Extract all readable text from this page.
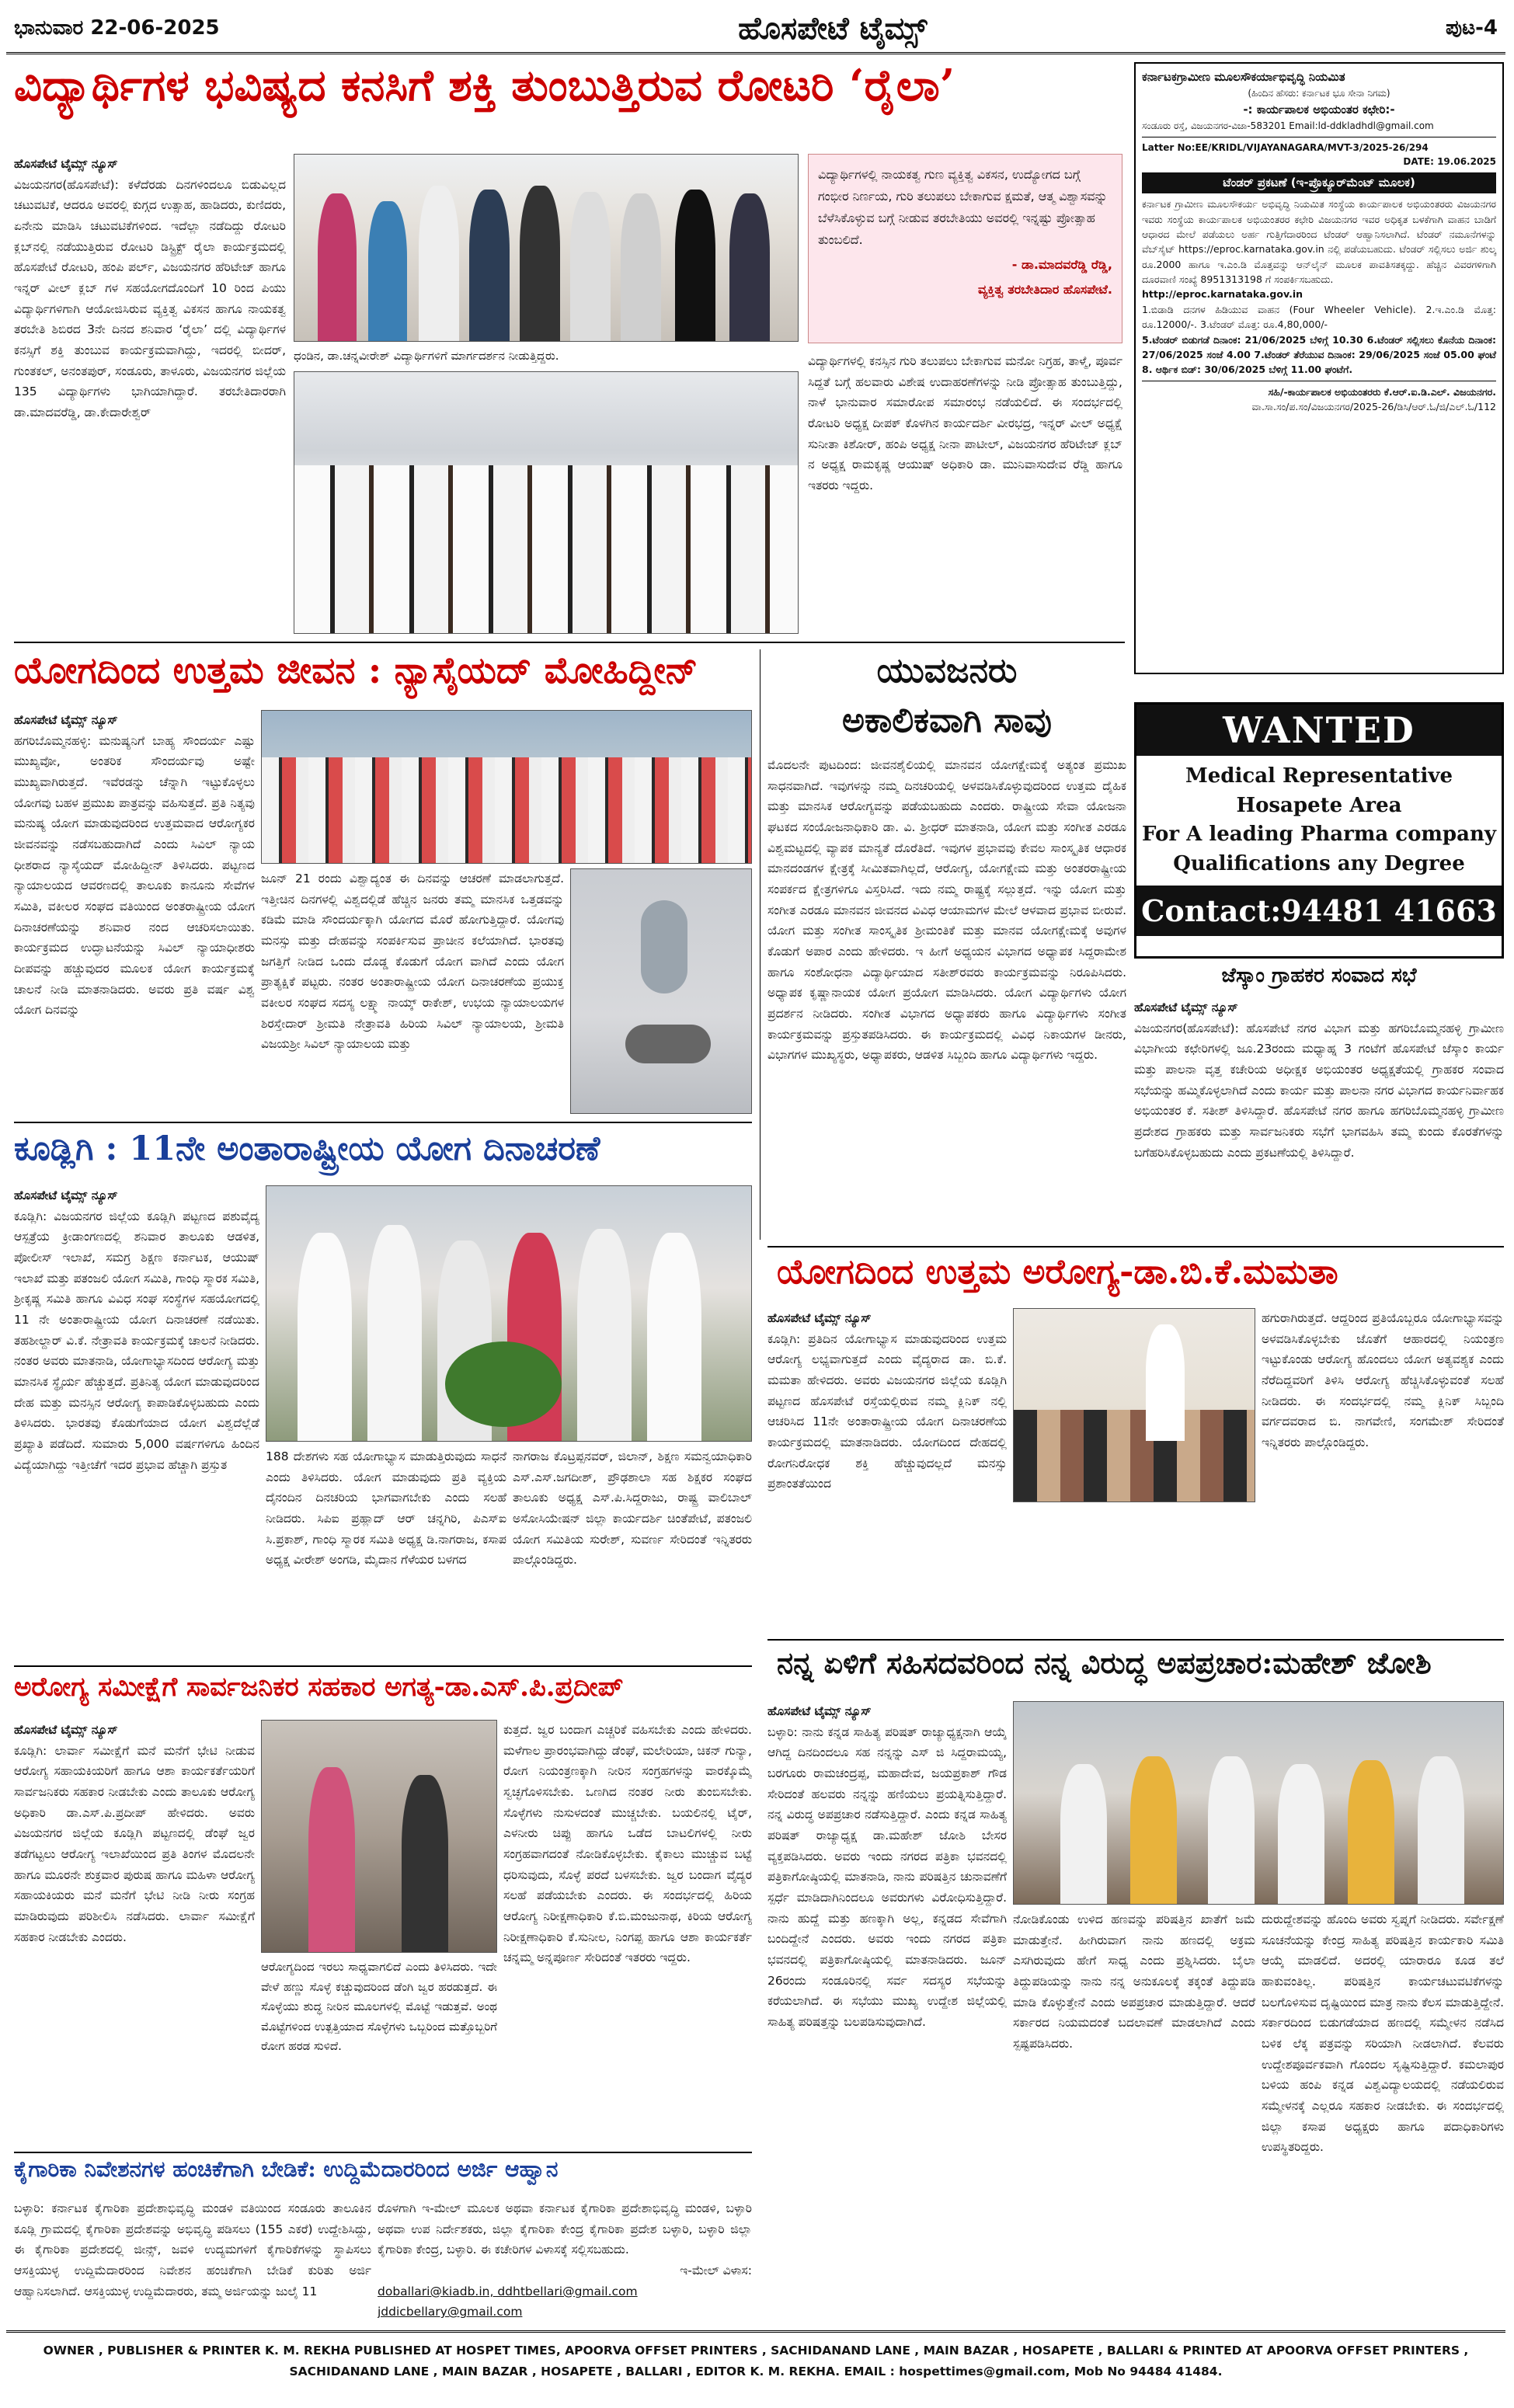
ಭಾನುವಾರ 22-06-2025	ಹೊಸಪೇಟೆ ಟೈಮ್ಸ್	ಪುಟ-4
ವಿದ್ಯಾರ್ಥಿಗಳ ಭವಿಷ್ಯದ ಕನಸಿಗೆ ಶಕ್ತಿ ತುಂಬುತ್ತಿರುವ ರೋಟರಿ ‘ರೈಲಾ’
ಹೊಸಪೇಟೆ ಟೈಮ್ಸ್ ನ್ಯೂಸ್
ವಿಜಯನಗರ(ಹೊಸಪೇಟೆ): ಕಳೆದೆರಡು ದಿನಗಳಿಂದಲೂ ಬಿಡುವಿಲ್ಲದ ಚಟುವಟಿಕೆ, ಆದರೂ ಅವರಲ್ಲಿ ಕುಗ್ಗದ ಉತ್ಸಾಹ, ಹಾಡಿದರು, ಕುಣಿದರು, ಏನೇನು ಮಾಡಿಸಿ ಚಟುವಟಿಕೆಗಳಿಂದ. ಇದೆಲ್ಲಾ ನಡೆದಿದ್ದು ರೋಟರಿ ಕ್ಲಬ್‌ನಲ್ಲಿ ನಡೆಯುತ್ತಿರುವ ರೋಟರಿ ಡಿಸ್ಟ್ರಿಕ್ಟ್ ರೈಲಾ ಕಾರ್ಯಕ್ರಮದಲ್ಲಿ ಹೊಸಪೇಟೆ ರೋಟರಿ, ಹಂಪಿ ಪರ್ಲ್, ವಿಜಯನಗರ ಹೆರಿಟೇಜ್ ಹಾಗೂ ಇನ್ನರ್ ವೀಲ್ ಕ್ಲಬ್ ಗಳ ಸಹಯೋಗದೊಂದಿಗೆ 10 ರಿಂದ ಪಿಯು ವಿದ್ಯಾರ್ಥಿಗಳಿಗಾಗಿ ಆಯೋಜಿಸಿರುವ ವ್ಯಕ್ತಿತ್ವ ವಿಕಸನ ಹಾಗೂ ನಾಯಕತ್ವ ತರಬೇತಿ ಶಿಬಿರದ 3ನೇ ದಿನದ ಶನಿವಾರ ‘ರೈಲಾ’ ದಲ್ಲಿ ವಿದ್ಯಾರ್ಥಿಗಳ ಕನಸ್ಸಿಗೆ ಶಕ್ತಿ ತುಂಬುವ ಕಾರ್ಯಕ್ರಮವಾಗಿದ್ದು, ಇದರಲ್ಲಿ ಬೀದರ್, ಗುಂತಕಲ್, ಅನಂತಪುರ್, ಸಂಡೂರು, ತಾಳೂರು, ವಿಜಯನಗರ ಜಿಲ್ಲೆಯ 135 ವಿದ್ಯಾರ್ಥಿಗಳು ಭಾಗಿಯಾಗಿದ್ದಾರೆ. ತರಬೇತಿದಾರರಾಗಿ ಡಾ.ಮಾದವರೆಡ್ಡಿ, ಡಾ.ಕೇದಾರೇಶ್ವರ್
ಧಂಡಿನ, ಡಾ.ಚನ್ನವೀರೇಶ್ ವಿದ್ಯಾರ್ಥಿಗಳಿಗೆ ಮಾರ್ಗದರ್ಶನ ನೀಡುತ್ತಿದ್ದರು.
ವಿದ್ಯಾರ್ಥಿಗಳಲ್ಲಿ ನಾಯಕತ್ವ ಗುಣ ವ್ಯಕ್ತಿತ್ವ ವಿಕಸನ, ಉದ್ಯೋಗದ ಬಗ್ಗೆ ಗಂಭೀರ ನಿರ್ಣಯ, ಗುರಿ ತಲುಪಲು ಬೇಕಾಗುವ ಕ್ಷಮತೆ, ಆತ್ಮ ವಿಶ್ವಾಸವನ್ನು ಬೆಳೆಸಿಕೊಳ್ಳುವ ಬಗ್ಗೆ ನೀಡುವ ತರಬೇತಿಯು ಅವರಲ್ಲಿ ಇನ್ನಷ್ಟು ಪ್ರೋತ್ಸಾಹ ತುಂಬಲಿದೆ.
- ಡಾ.ಮಾದವರೆಡ್ಡಿ ರೆಡ್ಡಿ,
ವ್ಯಕ್ತಿತ್ವ ತರಬೇತಿದಾರ ಹೊಸಪೇಟೆ.
ವಿದ್ಯಾರ್ಥಿಗಳಲ್ಲಿ ಕನಸ್ಸಿನ ಗುರಿ ತಲುಪಲು ಬೇಕಾಗುವ ಮನೋ ನಿಗ್ರಹ, ತಾಳ್ಮೆ, ಪೂರ್ವ ಸಿದ್ದತೆ ಬಗ್ಗೆ ಹಲವಾರು ವಿಶೇಷ ಉದಾಹರಣೆಗಳನ್ನು ನೀಡಿ ಪ್ರೋತ್ಸಾಹ ತುಂಬುತ್ತಿದ್ದು, ನಾಳೆ ಭಾನುವಾರ ಸಮಾರೋಪ ಸಮಾರಂಭ ನಡೆಯಲಿದೆ. ಈ ಸಂದರ್ಭದಲ್ಲಿ ರೋಟರಿ ಅಧ್ಯಕ್ಷ ದೀಪಕ್ ಕೊಳಗಿನ ಕಾರ್ಯದರ್ಶಿ ವೀರಭದ್ರ, ಇನ್ನರ್ ವೀಲ್ ಅಧ್ಯಕ್ಷೆ ಸುನೀತಾ ಕಿಶೋರ್, ಹಂಪಿ ಅಧ್ಯಕ್ಷ ನೀನಾ ಪಾಟೀಲ್, ವಿಜಯನಗರ ಹೆರಿಟೇಜ್ ಕ್ಲಬ್ ನ ಅಧ್ಯಕ್ಷ ರಾಮಕೃಷ್ಣ ಆಯುಷ್ ಅಧಿಕಾರಿ ಡಾ. ಮುನಿವಾಸುದೇವ ರೆಡ್ಡಿ ಹಾಗೂ ಇತರರು ಇದ್ದರು.
ಕರ್ನಾಟಕಗ್ರಾಮೀಣ ಮೂಲಸೌಕರ್ಯಾಭಿವೃದ್ಧಿ ನಿಯಮಿತ
(ಹಿಂದಿನ ಹೆಸರು: ಕರ್ನಾಟಕ ಭೂ ಸೇನಾ ನಿಗಮ)
-: ಕಾರ್ಯಪಾಲಕ ಅಭಿಯಂತರ ಕಛೇರಿ:-
ಸಂಡೂರು ರಸ್ತೆ, ವಿಜಯನಗರ-ವಿಜಾ-583201 Email:ld-ddkladhdl@gmail.com
Latter No:EE/KRIDL/VIJAYANAGARA/MVT-3/2025-26/294
DATE: 19.06.2025
ಟೆಂಡರ್ ಪ್ರಕಟಣೆ (ಇ-ಪ್ರೊಕ್ಯೂರ್‌ಮೆಂಟ್ ಮೂಲಕ)
ಕರ್ನಾಟಕ ಗ್ರಾಮೀಣ ಮೂಲಸೌಕರ್ಯ ಅಭಿವೃದ್ಧಿ ನಿಯಮಿತ ಸಂಸ್ಥೆಯ ಕಾರ್ಯಪಾಲಕ ಅಭಿಯಂತರರು ವಿಜಯನಗರ ಇವರು ಸಂಸ್ಥೆಯ ಕಾರ್ಯಪಾಲಕ ಅಭಿಯಂತರರ ಕಛೇರಿ ವಿಜಯನಗರ ಇವರ ಅಧಿಕೃತ ಬಳಕೆಗಾಗಿ ವಾಹನ ಬಾಡಿಗೆ ಆಧಾರದ ಮೇಲೆ ಪಡೆಯಲು ಅರ್ಹ ಗುತ್ತಿಗೆದಾರರಿಂದ ಟೆಂಡರ್ ಆಹ್ವಾನಿಸಲಾಗಿದೆ. ಟೆಂಡರ್ ನಮೂನೆಗಳನ್ನು ವೆಬ್‌ಸೈಟ್ https://eproc.karnataka.gov.in ನಲ್ಲಿ ಪಡೆಯಬಹುದು. ಟೆಂಡರ್ ಸಲ್ಲಿಸಲು ಅರ್ಜಿ ಶುಲ್ಕ ರೂ.2000 ಹಾಗೂ ಇ.ಎಂ.ಡಿ ಮೊತ್ತವನ್ನು ಆನ್‌ಲೈನ್ ಮೂಲಕ ಪಾವತಿಸತಕ್ಕದ್ದು. ಹೆಚ್ಚಿನ ವಿವರಗಳಿಗಾಗಿ ದೂರವಾಣಿ ಸಂಖ್ಯೆ 8951313198 ಗೆ ಸಂಪರ್ಕಿಸಬಹುದು.
http://eproc.karnataka.gov.in
1.ಬಿಡಾಡಿ ದನಗಳ ಹಿಡಿಯುವ ವಾಹನ (Four Wheeler Vehicle). 2.ಇ.ಎಂ.ಡಿ ಮೊತ್ತ: ರೂ.12000/-. 3.ಟೆಂಡರ್ ಮೊತ್ತ: ರೂ.4,80,000/-
5.ಟೆಂಡರ್ ಬಿಡುಗಡೆ ದಿನಾಂಕ: 21/06/2025 ಬೆಳಿಗ್ಗೆ 10.30 6.ಟೆಂಡರ್ ಸಲ್ಲಿಸಲು ಕೊನೆಯ ದಿನಾಂಕ: 27/06/2025 ಸಂಜೆ 4.00 7.ಟೆಂಡರ್ ತೆರೆಯುವ ದಿನಾಂಕ: 29/06/2025 ಸಂಜೆ 05.00 ಘಂಟೆ 8. ಆರ್ಥಿಕ ಬಿಡ್: 30/06/2025 ಬೆಳಿಗ್ಗೆ 11.00 ಘಂಟೆಗೆ.
ಸಹಿ/-ಕಾರ್ಯಪಾಲಕ ಅಭಿಯಂತರರು ಕೆ.ಆರ್.ಐ.ಡಿ.ಎಲ್. ವಿಜಯನಗರ.
ವಾ.ಸಾ.ಸಂ/ಪ.ಸಂ/ವಿಜಯನಗರ/2025-26/ಡಿಸಿ/ಆರ್.ಓ/ಜಿ/ಎಲ್.ಓ/112
WANTED
Medical Representative
Hosapete Area
For A leading Pharma company
Qualifications any Degree
Contact:94481 41663
ಯೋಗದಿಂದ ಉತ್ತಮ ಜೀವನ : ನ್ಯಾಸೈಯದ್ ಮೋಹಿದ್ದೀನ್
ಹೊಸಪೇಟೆ ಟೈಮ್ಸ್ ನ್ಯೂಸ್
ಹಗರಿಬೊಮ್ಮನಹಳ್ಳಿ: ಮನುಷ್ಯನಿಗೆ ಬಾಹ್ಯ ಸೌಂದರ್ಯ ಎಷ್ಟು ಮುಖ್ಯವೋ, ಅಂತರಿಕ ಸೌಂದರ್ಯವು ಅಷ್ಟೇ ಮುಖ್ಯವಾಗಿರುತ್ತದೆ. ಇವೆರಡನ್ನು ಚೆನ್ನಾಗಿ ಇಟ್ಟುಕೊಳ್ಳಲು ಯೋಗವು ಬಹಳ ಪ್ರಮುಖ ಪಾತ್ರವನ್ನು ವಹಿಸುತ್ತದೆ. ಪ್ರತಿ ನಿತ್ಯವು ಮನುಷ್ಯ ಯೋಗ ಮಾಡುವುದರಿಂದ ಉತ್ತಮವಾದ ಆರೋಗ್ಯಕರ ಜೀವನವನ್ನು ನಡೆಸಬಹುದಾಗಿದೆ ಎಂದು ಸಿವಿಲ್ ನ್ಯಾಯ ಧೀಶರಾದ ನ್ಯಾಸೈಯದ್ ಮೋಹಿದ್ದೀನ್ ತಿಳಿಸಿದರು. ಪಟ್ಟಣದ ನ್ಯಾಯಾಲಯದ ಆವರಣದಲ್ಲಿ ತಾಲೂಕು ಕಾನೂನು ಸೇವೆಗಳ ಸಮಿತಿ, ವಕೀಲರ ಸಂಘದ ವತಿಯಿಂದ ಅಂತರಾಷ್ಟ್ರೀಯ ಯೋಗ ದಿನಾಚರಣೆಯನ್ನು ಶನಿವಾರ ನಂದ ಆಚರಿಸಲಾಯಿತು. ಕಾರ್ಯಕ್ರಮದ ಉದ್ಘಾಟನೆಯನ್ನು ಸಿವಿಲ್ ನ್ಯಾಯಾಧೀಶರು ದೀಪವನ್ನು ಹಚ್ಚುವುದರ ಮೂಲಕ ಯೋಗ ಕಾರ್ಯಕ್ರಮಕ್ಕೆ ಚಾಲನೆ ನೀಡಿ ಮಾತನಾಡಿದರು. ಅವರು ಪ್ರತಿ ವರ್ಷ ವಿಶ್ವ ಯೋಗ ದಿನವನ್ನು
ಜೂನ್ 21 ರಂದು ವಿಶ್ವಾದ್ಯಂತ ಈ ದಿನವನ್ನು ಆಚರಣೆ ಮಾಡಲಾಗುತ್ತದೆ. ಇತ್ತೀಚಿನ ದಿನಗಳಲ್ಲಿ ವಿಶ್ವದಲ್ಲಿಡೆ ಹೆಚ್ಚಿನ ಜನರು ತಮ್ಮ ಮಾನಸಿಕ ಒತ್ತಡವನ್ನು ಕಡಿಮೆ ಮಾಡಿ ಸೌಂದರ್ಯಕ್ಕಾಗಿ ಯೋಗದ ಮೊರೆ ಹೋಗುತ್ತಿದ್ದಾರೆ. ಯೋಗವು ಮನಸ್ಸು ಮತ್ತು ದೇಹವನ್ನು ಸಂಪರ್ಕಿಸುವ ಪ್ರಾಚೀನ ಕಲೆಯಾಗಿದೆ. ಭಾರತವು ಜಗತ್ತಿಗೆ ನೀಡಿದ ಒಂದು ದೊಡ್ಡ ಕೊಡುಗೆ ಯೋಗ ವಾಗಿದೆ ಎಂದು ಯೋಗ ಪ್ರಾತ್ಯಕ್ಷಿಕೆ ಪಟ್ಟರು. ನಂತರ ಅಂತಾರಾಷ್ಟ್ರೀಯ ಯೋಗ ದಿನಾಚರಣೆಯ ಪ್ರಯುಕ್ತ ವಕೀಲರ ಸಂಘದ ಸದಸ್ಯ ಲಕ್ಷ್ಮಾ ನಾಯ್ಕ್ ರಾಕೇಶ್, ಉಭಯ ನ್ಯಾಯಾಲಯಗಳ ಶಿರಸ್ತೇದಾರ್ ಶ್ರೀಮತಿ ನೇತ್ರಾವತಿ ಹಿರಿಯ ಸಿವಿಲ್ ನ್ಯಾಯಾಲಯ, ಶ್ರೀಮತಿ ವಿಜಯಶ್ರೀ ಸಿವಿಲ್ ನ್ಯಾಯಾಲಯ ಮತ್ತು
ಯುವಜನರು
ಅಕಾಲಿಕವಾಗಿ ಸಾವು
ಮೊದಲನೇ ಪುಟದಿಂದ: ಜೀವನಶೈಲಿಯಲ್ಲಿ ಮಾನವನ ಯೋಗಕ್ಷೇಮಕ್ಕೆ ಅತ್ಯಂತ ಪ್ರಮುಖ ಸಾಧನವಾಗಿದೆ. ಇವುಗಳನ್ನು ನಮ್ಮ ದಿನಚರಿಯಲ್ಲಿ ಅಳವಡಿಸಿಕೊಳ್ಳುವುದರಿಂದ ಉತ್ತಮ ದೈಹಿಕ ಮತ್ತು ಮಾನಸಿಕ ಆರೋಗ್ಯವನ್ನು ಪಡೆಯಬಹುದು ಎಂದರು. ರಾಷ್ಟ್ರೀಯ ಸೇವಾ ಯೋಜನಾ ಘಟಕದ ಸಂಯೋಜನಾಧಿಕಾರಿ ಡಾ. ವಿ. ಶ್ರೀಧರ್ ಮಾತನಾಡಿ, ಯೋಗ ಮತ್ತು ಸಂಗೀತ ಎರಡೂ ವಿಶ್ವಮಟ್ಟದಲ್ಲಿ ವ್ಯಾಪಕ ಮಾನ್ಯತೆ ದೊರೆತಿದೆ. ಇವುಗಳ ಪ್ರಭಾವವು ಕೇವಲ ಸಾಂಸ್ಕೃತಿಕ ಆಧಾರಕ ಮಾನದಂಡಗಳ ಕ್ಷೇತ್ರಕ್ಕೆ ಸೀಮಿತವಾಗಿಲ್ಲದೆ, ಆರೋಗ್ಯ, ಯೋಗಕ್ಷೇಮ ಮತ್ತು ಅಂತರರಾಷ್ಟ್ರೀಯ ಸಂಪರ್ಕದ ಕ್ಷೇತ್ರಗಳಿಗೂ ವಿಸ್ತರಿಸಿದೆ. ಇದು ನಮ್ಮ ರಾಷ್ಟ್ರಕ್ಕೆ ಸಲ್ಲುತ್ತದೆ. ಇನ್ನು ಯೋಗ ಮತ್ತು ಸಂಗೀತ ಎರಡೂ ಮಾನವನ ಜೀವನದ ವಿವಿಧ ಆಯಾಮಗಳ ಮೇಲೆ ಆಳವಾದ ಪ್ರಭಾವ ಬೀರುವೆ. ಯೋಗ ಮತ್ತು ಸಂಗೀತ ಸಾಂಸ್ಕೃತಿಕ ಶ್ರೀಮಂತಿಕೆ ಮತ್ತು ಮಾನವ ಯೋಗಕ್ಷೇಮಕ್ಕೆ ಅವುಗಳ ಕೊಡುಗೆ ಅಪಾರ ಎಂದು ಹೇಳಿದರು. ಇ ಹೀಗೆ ಅಧ್ಯಯನ ವಿಭಾಗದ ಅಧ್ಯಾಪಕ ಸಿದ್ದರಾಮೇಶ ಹಾಗೂ ಸಂಶೋಧನಾ ವಿದ್ಯಾರ್ಥಿಯಾದ ಸತೀಶ್‌ರವರು ಕಾರ್ಯಕ್ರಮವನ್ನು ನಿರೂಪಿಸಿದರು. ಅಧ್ಯಾಪಕ ಕೃಷ್ಣಾನಾಯಕ ಯೋಗ ಪ್ರಯೋಗ ಮಾಡಿಸಿದರು. ಯೋಗ ವಿದ್ಯಾರ್ಥಿಗಳು ಯೋಗ ಪ್ರದರ್ಶನ ನೀಡಿದರು. ಸಂಗೀತ ವಿಭಾಗದ ಅಧ್ಯಾಪಕರು ಹಾಗೂ ವಿದ್ಯಾರ್ಥಿಗಳು ಸಂಗೀತ ಕಾರ್ಯಕ್ರಮವನ್ನು ಪ್ರಸ್ತುತಪಡಿಸಿದರು. ಈ ಕಾರ್ಯಕ್ರಮದಲ್ಲಿ ವಿವಿಧ ನಿಕಾಯಗಳ ಡೀನರು, ವಿಭಾಗಗಳ ಮುಖ್ಯಸ್ಥರು, ಅಧ್ಯಾಪಕರು, ಆಡಳಿತ ಸಿಬ್ಬಂದಿ ಹಾಗೂ ವಿದ್ಯಾರ್ಥಿಗಳು ಇದ್ದರು.
ಜೆಸ್ಕಾಂ ಗ್ರಾಹಕರ ಸಂವಾದ ಸಭೆ
ಹೊಸಪೇಟೆ ಟೈಮ್ಸ್ ನ್ಯೂಸ್
ವಿಜಯನಗರ(ಹೊಸಪೇಟೆ): ಹೊಸಪೇಟೆ ನಗರ ವಿಭಾಗ ಮತ್ತು ಹಗರಿಬೊಮ್ಮನಹಳ್ಳಿ ಗ್ರಾಮೀಣ ವಿಭಾಗೀಯ ಕಛೇರಿಗಳಲ್ಲಿ ಜೂ.23ರಂದು ಮಧ್ಯಾಹ್ನ 3 ಗಂಟೆಗೆ ಹೊಸಪೇಟೆ ಜೆಸ್ಕಾಂ ಕಾರ್ಯ ಮತ್ತು ಪಾಲನಾ ವೃತ್ತ ಕಚೇರಿಯ ಅಧೀಕ್ಷಕ ಅಭಿಯಂತರ ಅಧ್ಯಕ್ಷತೆಯಲ್ಲಿ ಗ್ರಾಹಕರ ಸಂವಾದ ಸಭೆಯನ್ನು ಹಮ್ಮಿಕೊಳ್ಳಲಾಗಿದೆ ಎಂದು ಕಾರ್ಯ ಮತ್ತು ಪಾಲನಾ ನಗರ ವಿಭಾಗದ ಕಾರ್ಯನಿರ್ವಾಹಕ ಅಭಿಯಂತರ ಕೆ. ಸತೀಶ್ ತಿಳಿಸಿದ್ದಾರೆ. ಹೊಸಪೇಟೆ ನಗರ ಹಾಗೂ ಹಗರಿಬೊಮ್ಮನಹಳ್ಳಿ ಗ್ರಾಮೀಣ ಪ್ರದೇಶದ ಗ್ರಾಹಕರು ಮತ್ತು ಸಾರ್ವಜನಿಕರು ಸಭೆಗೆ ಭಾಗವಹಿಸಿ ತಮ್ಮ ಕುಂದು ಕೊರತೆಗಳನ್ನು ಬಗೆಹರಿಸಿಕೊಳ್ಳಬಹುದು ಎಂದು ಪ್ರಕಟಣೆಯಲ್ಲಿ ತಿಳಿಸಿದ್ದಾರೆ.
ಕೂಡ್ಲಿಗಿ : 11ನೇ ಅಂತಾರಾಷ್ಟ್ರೀಯ ಯೋಗ ದಿನಾಚರಣೆ
ಹೊಸಪೇಟೆ ಟೈಮ್ಸ್ ನ್ಯೂಸ್
ಕೂಡ್ಲಿಗಿ: ವಿಜಯನಗರ ಜಿಲ್ಲೆಯ ಕೂಡ್ಲಿಗಿ ಪಟ್ಟಣದ ಪಶುವೈದ್ಯ ಆಸ್ಪತ್ರೆಯ ಕ್ರೀಡಾಂಗಣದಲ್ಲಿ ಶನಿವಾರ ತಾಲೂಕು ಆಡಳಿತ, ಪೋಲೀಸ್ ಇಲಾಖೆ, ಸಮಗ್ರ ಶಿಕ್ಷಣ ಕರ್ನಾಟಕ, ಆಯುಷ್ ಇಲಾಖೆ ಮತ್ತು ಪತಂಜಲಿ ಯೋಗ ಸಮಿತಿ, ಗಾಂಧಿ ಸ್ಮಾರಕ ಸಮಿತಿ, ಶ್ರೀಕೃಷ್ಣ ಸಮಿತಿ ಹಾಗೂ ವಿವಿಧ ಸಂಘ ಸಂಸ್ಥೆಗಳ ಸಹಯೋಗದಲ್ಲಿ 11 ನೇ ಅಂತಾರಾಷ್ಟ್ರೀಯ ಯೋಗ ದಿನಾಚರಣೆ ನಡೆಯಿತು. ತಹಶೀಲ್ದಾರ್ ವಿ.ಕೆ. ನೇತ್ರಾವತಿ ಕಾರ್ಯಕ್ರಮಕ್ಕೆ ಚಾಲನೆ ನೀಡಿದರು. ನಂತರ ಅವರು ಮಾತನಾಡಿ, ಯೋಗಾಭ್ಯಾಸದಿಂದ ಆರೋಗ್ಯ ಮತ್ತು ಮಾನಸಿಕ ಸ್ಥೈರ್ಯ ಹೆಚ್ಚುತ್ತದೆ. ಪ್ರತಿನಿತ್ಯ ಯೋಗ ಮಾಡುವುದರಿಂದ ದೇಹ ಮತ್ತು ಮನಸ್ಸಿನ ಆರೋಗ್ಯ ಕಾಪಾಡಿಕೊಳ್ಳಬಹುದು ಎಂದು ತಿಳಿಸಿದರು. ಭಾರತವು ಕೊಡುಗೆಯಾದ ಯೋಗ ವಿಶ್ವದೆಲ್ಲೆಡೆ ಪ್ರಖ್ಯಾತಿ ಪಡೆದಿದೆ. ಸುಮಾರು 5,000 ವರ್ಷಗಳಿಗೂ ಹಿಂದಿನ ವಿದ್ಯೆಯಾಗಿದ್ದು ಇತ್ತೀಚೆಗೆ ಇದರ ಪ್ರಭಾವ ಹೆಚ್ಚಾಗಿ ಪ್ರಸ್ತುತ
188 ದೇಶಗಳು ಸಹ ಯೋಗಾಭ್ಯಾಸ ಮಾಡುತ್ತಿರುವುದು ಸಾಧನೆ ಎಂದು ತಿಳಿಸಿದರು. ಯೋಗ ಮಾಡುವುದು ಪ್ರತಿ ವ್ಯಕ್ತಿಯ ದೈನಂದಿನ ದಿನಚರಿಯ ಭಾಗವಾಗಬೇಕು ಎಂದು ಸಲಹೆ ನೀಡಿದರು. ಸಿಪಿಐ ಪ್ರಹ್ಲಾದ್ ಆರ್ ಚನ್ನಗಿರಿ, ಪಿಎಸ್ಐ ಸಿ.ಪ್ರಕಾಶ್, ಗಾಂಧಿ ಸ್ಮಾರಕ ಸಮಿತಿ ಅಧ್ಯಕ್ಷ ಡಿ.ನಾಗರಾಜ, ಕಸಾಪ ಅಧ್ಯಕ್ಷ ವೀರೇಶ್ ಅಂಗಡಿ, ಮೈದಾನ ಗೆಳೆಯರ ಬಳಗದ
ನಾಗರಾಜ ಕೊಟ್ರಪ್ಪನವರ್, ಜಿಲಾನ್, ಶಿಕ್ಷಣ ಸಮನ್ವಯಾಧಿಕಾರಿ ಎಸ್.ಎಸ್.ಜಗದೀಶ್, ಪ್ರೌಢಶಾಲಾ ಸಹ ಶಿಕ್ಷಕರ ಸಂಘದ ತಾಲೂಕು ಅಧ್ಯಕ್ಷ ಎಸ್.ಪಿ.ಸಿದ್ದರಾಜು, ರಾಷ್ಟ್ರ ವಾಲಿಬಾಲ್ ಅಸೋಸಿಯೇಷನ್ ಜಿಲ್ಲಾ ಕಾರ್ಯದರ್ಶಿ ಚಿಂತೆಪೇಟೆ, ಪತಂಜಲಿ ಯೋಗ ಸಮಿತಿಯ ಸುರೇಶ್, ಸುವರ್ಣ ಸೇರಿದಂತೆ ಇನ್ನಿತರರು ಪಾಲ್ಗೊಂಡಿದ್ದರು.
ಯೋಗದಿಂದ ಉತ್ತಮ ಅರೋಗ್ಯ-ಡಾ.ಬಿ.ಕೆ.ಮಮತಾ
ಹೊಸಪೇಟೆ ಟೈಮ್ಸ್ ನ್ಯೂಸ್
ಕೂಡ್ಲಿಗಿ: ಪ್ರತಿದಿನ ಯೋಗಾಭ್ಯಾಸ ಮಾಡುವುದರಿಂದ ಉತ್ತಮ ಆರೋಗ್ಯ ಲಭ್ಯವಾಗುತ್ತದೆ ಎಂದು ವೈದ್ಯರಾದ ಡಾ. ಬಿ.ಕೆ. ಮಮತಾ ಹೇಳಿದರು. ಅವರು ವಿಜಯನಗರ ಜಿಲ್ಲೆಯ ಕೂಡ್ಲಿಗಿ ಪಟ್ಟಣದ ಹೊಸಪೇಟೆ ರಸ್ತೆಯಲ್ಲಿರುವ ನಮ್ಮ ಕ್ಲಿನಿಕ್ ನಲ್ಲಿ ಆಚರಿಸಿದ 11ನೇ ಅಂತಾರಾಷ್ಟ್ರೀಯ ಯೋಗ ದಿನಾಚರಣೆಯ ಕಾರ್ಯಕ್ರಮದಲ್ಲಿ ಮಾತನಾಡಿದರು. ಯೋಗದಿಂದ ದೇಹದಲ್ಲಿ ರೋಗನಿರೋಧಕ ಶಕ್ತಿ ಹೆಚ್ಚುವುದಲ್ಲದೆ ಮನಸ್ಸು ಪ್ರಶಾಂತತೆಯಿಂದ
ಹಗುರಾಗಿರುತ್ತದೆ. ಆದ್ದರಿಂದ ಪ್ರತಿಯೊಬ್ಬರೂ ಯೋಗಾಭ್ಯಾಸವನ್ನು ಅಳವಡಿಸಿಕೊಳ್ಳಬೇಕು ಜೊತೆಗೆ ಆಹಾರದಲ್ಲಿ ನಿಯಂತ್ರಣ ಇಟ್ಟುಕೊಂಡು ಆರೋಗ್ಯ ಹೊಂದಲು ಯೋಗ ಅತ್ಯವಶ್ಯಕ ಎಂದು ನೆರೆದಿದ್ದವರಿಗೆ ತಿಳಿಸಿ ಆರೋಗ್ಯ ಹೆಚ್ಚಿಸಿಕೊಳ್ಳುವಂತೆ ಸಲಹೆ ನೀಡಿದರು. ಈ ಸಂದರ್ಭದಲ್ಲಿ ನಮ್ಮ ಕ್ಲಿನಿಕ್ ಸಿಬ್ಬಂದಿ ವರ್ಗದವರಾದ ಬಿ. ನಾಗವೇಣಿ, ಸಂಗಮೇಶ್ ಸೇರಿದಂತೆ ಇನ್ನಿತರರು ಪಾಲ್ಗೊಂಡಿದ್ದರು.
ಅರೋಗ್ಯ ಸಮೀಕ್ಷೆಗೆ ಸಾರ್ವಜನಿಕರ ಸಹಕಾರ ಅಗತ್ಯ-ಡಾ.ಎಸ್.ಪಿ.ಪ್ರದೀಪ್
ಹೊಸಪೇಟೆ ಟೈಮ್ಸ್ ನ್ಯೂಸ್
ಕೂಡ್ಲಿಗಿ: ಲಾರ್ವಾ ಸಮೀಕ್ಷೆಗೆ ಮನೆ ಮನೆಗೆ ಭೇಟಿ ನೀಡುವ ಆರೋಗ್ಯ ಸಹಾಯಕಿಯರಿಗೆ ಹಾಗೂ ಆಶಾ ಕಾರ್ಯಕರ್ತೆಯರಿಗೆ ಸಾರ್ವಜನಿಕರು ಸಹಕಾರ ನೀಡಬೇಕು ಎಂದು ತಾಲೂಕು ಆರೋಗ್ಯ ಅಧಿಕಾರಿ ಡಾ.ಎಸ್.ಪಿ.ಪ್ರದೀಪ್ ಹೇಳಿದರು. ಅವರು ವಿಜಯನಗರ ಜಿಲ್ಲೆಯ ಕೂಡ್ಲಿಗಿ ಪಟ್ಟಣದಲ್ಲಿ ಡೆಂಘೆ ಜ್ವರ ತಡೆಗಟ್ಟಲು ಆರೋಗ್ಯ ಇಲಾಖೆಯಿಂದ ಪ್ರತಿ ತಿಂಗಳ ಮೊದಲನೇ ಹಾಗೂ ಮೂರನೇ ಶುಕ್ರವಾರ ಪುರುಷ ಹಾಗೂ ಮಹಿಳಾ ಆರೋಗ್ಯ ಸಹಾಯಕಿಯರು ಮನೆ ಮನೆಗೆ ಭೇಟಿ ನೀಡಿ ನೀರು ಸಂಗ್ರಹ ಮಾಡಿರುವುದು ಪರಿಶೀಲಿಸಿ ನಡೆಸಿದರು. ಲಾರ್ವಾ ಸಮೀಕ್ಷೆಗೆ ಸಹಕಾರ ನೀಡಬೇಕು ಎಂದರು.
ಆರೋಗ್ಯದಿಂದ ಇರಲು ಸಾಧ್ಯವಾಗಲಿದೆ ಎಂದು ತಿಳಿಸಿದರು. ಇದೇ ವೇಳೆ ಹಣ್ಣು ಸೊಳ್ಳೆ ಕಚ್ಚುವುದರಿಂದ ಡೆಂಗಿ ಜ್ವರ ಹರಡುತ್ತದೆ. ಈ ಸೊಳ್ಳೆಯು ಶುದ್ಧ ನೀರಿನ ಮೂಲಗಳಲ್ಲಿ ಮೊಟ್ಟೆ ಇಡುತ್ತವೆ. ಅಂಥ ಮೊಟ್ಟೆಗಳಿಂದ ಉತ್ಪತ್ತಿಯಾದ ಸೊಳ್ಳೆಗಳು ಒಬ್ಬರಿಂದ ಮತ್ತೊಬ್ಬರಿಗೆ ರೋಗ ಹರಡ ಸುಳಿದೆ.
ಕುತ್ತದೆ. ಜ್ವರ ಬಂದಾಗ ಎಚ್ಚರಿಕೆ ವಹಿಸಬೇಕು ಎಂದು ಹೇಳಿದರು. ಮಳೆಗಾಲ ಪ್ರಾರಂಭವಾಗಿದ್ದು ಡೆಂಘೆ, ಮಲೇರಿಯಾ, ಚಿಕನ್ ಗುನ್ಯಾ, ರೋಗ ನಿಯಂತ್ರಣಕ್ಕಾಗಿ ನೀರಿನ ಸಂಗ್ರಹಗಳನ್ನು ವಾರಕ್ಕೊಮ್ಮೆ ಸ್ವಚ್ಛಗೊಳಿಸಬೇಕು. ಒಣಗಿದ ನಂತರ ನೀರು ತುಂಬಿಸಬೇಕು. ಸೊಳ್ಳೆಗಳು ನುಸುಳದಂತೆ ಮುಚ್ಚಬೇಕು. ಬಯಲಿನಲ್ಲಿ ಟೈರ್, ಎಳನೀರು ಚಿಪ್ಪು ಹಾಗೂ ಒಡೆದ ಬಾಟಲಿಗಳಲ್ಲಿ ನೀರು ಸಂಗ್ರಹವಾಗದಂತೆ ನೋಡಿಕೊಳ್ಳಬೇಕು. ಕೈಕಾಲು ಮುಚ್ಚುವ ಬಟ್ಟೆ ಧರಿಸುವುದು, ಸೊಳ್ಳೆ ಪರದೆ ಬಳಸಬೇಕು. ಜ್ವರ ಬಂದಾಗ ವೈದ್ಯರ ಸಲಹೆ ಪಡೆಯಬೇಕು ಎಂದರು. ಈ ಸಂದರ್ಭದಲ್ಲಿ ಹಿರಿಯ ಆರೋಗ್ಯ ನಿರೀಕ್ಷಣಾಧಿಕಾರಿ ಕೆ.ಬಿ.ಮಂಜುನಾಥ, ಕಿರಿಯ ಆರೋಗ್ಯ ನಿರೀಕ್ಷಣಾಧಿಕಾರಿ ಕೆ.ಸುನೀಲ, ನಿಂಗಪ್ಪ ಹಾಗೂ ಆಶಾ ಕಾರ್ಯಕರ್ತೆ ಚನ್ನಮ್ಮ ಅನ್ನಪೂರ್ಣ ಸೇರಿದಂತೆ ಇತರರು ಇದ್ದರು.
ನನ್ನ ಏಳಿಗೆ ಸಹಿಸದವರಿಂದ ನನ್ನ ವಿರುದ್ಧ ಅಪಪ್ರಚಾರ:ಮಹೇಶ್ ಜೋಶಿ
ಹೊಸಪೇಟೆ ಟೈಮ್ಸ್ ನ್ಯೂಸ್
ಬಳ್ಳಾರಿ: ನಾನು ಕನ್ನಡ ಸಾಹಿತ್ಯ ಪರಿಷತ್ ರಾಜ್ಯಾಧ್ಯಕ್ಷನಾಗಿ ಆಯ್ಕೆ ಆಗಿದ್ದ ದಿನದಿಂದಲೂ ಸಹ ನನ್ನನ್ನು ಎಸ್ ಜಿ ಸಿದ್ದರಾಮಯ್ಯ, ಬರಗೂರು ರಾಮಚಂದ್ರಪ್ಪ, ಮಹಾದೇವ, ಜಯಪ್ರಕಾಶ್ ಗೌಡ ಸೇರಿದಂತೆ ಹಲವರು ನನ್ನನ್ನು ಹಣಿಯಲು ಪ್ರಯತ್ನಿಸುತ್ತಿದ್ದಾರೆ. ನನ್ನ ವಿರುದ್ಧ ಅಪಪ್ರಚಾರ ನಡೆಸುತ್ತಿದ್ದಾರೆ. ಎಂದು ಕನ್ನಡ ಸಾಹಿತ್ಯ ಪರಿಷತ್ ರಾಜ್ಯಾಧ್ಯಕ್ಷ ಡಾ.ಮಹೇಶ್ ಜೋಶಿ ಬೇಸರ ವ್ಯಕ್ತಪಡಿಸಿದರು. ಅವರು ಇಂದು ನಗರದ ಪತ್ರಿಕಾ ಭವನದಲ್ಲಿ ಪತ್ರಿಕಾಗೋಷ್ಠಿಯಲ್ಲಿ ಮಾತನಾಡಿ, ನಾನು ಪರಿಷತ್ತಿನ ಚುನಾವಣೆಗೆ ಸ್ಪರ್ಧೆ ಮಾಡಿದಾಗಿನಿಂದಲೂ ಅವರುಗಳು ವಿರೋಧಿಸುತ್ತಿದ್ದಾರೆ. ನಾನು ಹುದ್ದೆ ಮತ್ತು ಹಣಕ್ಕಾಗಿ ಅಲ್ಲ, ಕನ್ನಡದ ಸೇವೆಗಾಗಿ ಬಂದಿದ್ದೇನೆ ಎಂದರು. ಅವರು ಇಂದು ನಗರದ ಪತ್ರಿಕಾ ಭವನದಲ್ಲಿ ಪತ್ರಿಕಾಗೋಷ್ಠಿಯಲ್ಲಿ ಮಾತನಾಡಿದರು. ಜೂನ್ 26ರಂದು ಸಂಡೂರಿನಲ್ಲಿ ಸರ್ವ ಸದಸ್ಯರ ಸಭೆಯನ್ನು ಕರೆಯಲಾಗಿದೆ. ಈ ಸಭೆಯು ಮುಖ್ಯ ಉದ್ದೇಶ ಜಿಲ್ಲೆಯಲ್ಲಿ ಸಾಹಿತ್ಯ ಪರಿಷತ್ತನ್ನು ಬಲಪಡಿಸುವುದಾಗಿದೆ.
ನೋಡಿಕೊಂಡು ಉಳಿದ ಹಣವನ್ನು ಪರಿಷತ್ತಿನ ಖಾತೆಗೆ ಜಮೆ ಮಾಡುತ್ತೇನೆ. ಹೀಗಿರುವಾಗ ನಾನು ಹಣದಲ್ಲಿ ಅಕ್ರಮ ಎಸಗಿರುವುದು ಹೇಗೆ ಸಾಧ್ಯ ಎಂದು ಪ್ರಶ್ನಿಸಿದರು. ಬೈಲಾ ತಿದ್ದುಪಡಿಯನ್ನು ನಾನು ನನ್ನ ಅನುಕೂಲಕ್ಕೆ ತಕ್ಕಂತೆ ತಿದ್ದುಪಡಿ ಮಾಡಿ ಕೊಳ್ಳುತ್ತೇನೆ ಎಂದು ಅಪಪ್ರಚಾರ ಮಾಡುತ್ತಿದ್ದಾರೆ. ಆದರೆ ಸರ್ಕಾರದ ನಿಯಮದಂತೆ ಬದಲಾವಣೆ ಮಾಡಲಾಗಿದೆ ಎಂದು ಸ್ಪಷ್ಟಪಡಿಸಿದರು.
ದುರುದ್ದೇಶವನ್ನು ಹೊಂದಿ ಅವರು ಸ್ವಪ್ನಗೆ ನೀಡಿದರು. ಸರ್ವೇಕ್ಷಣೆ ಸೂಚನೆಯನ್ನು ಕೇಂದ್ರ ಸಾಹಿತ್ಯ ಪರಿಷತ್ತಿನ ಕಾರ್ಯಕಾರಿ ಸಮಿತಿ ಆಯ್ಕೆ ಮಾಡಲಿದೆ. ಅದರಲ್ಲಿ ಯಾರಾರೂ ಕೂಡ ತಲೆ ಹಾಕುವಂತಿಲ್ಲ. ಪರಿಷತ್ತಿನ ಕಾರ್ಯಚಟುವಟಿಕೆಗಳನ್ನು ಬಲಗೊಳಿಸುವ ದೃಷ್ಟಿಯಿಂದ ಮಾತ್ರ ನಾನು ಕೆಲಸ ಮಾಡುತ್ತಿದ್ದೇನೆ. ಸರ್ಕಾರದಿಂದ ಬಿಡುಗಡೆಯಾದ ಹಣದಲ್ಲಿ ಸಮ್ಮೇಳನ ನಡೆಸಿದ ಬಳಿಕ ಲೆಕ್ಕ ಪತ್ರವನ್ನು ಸರಿಯಾಗಿ ನೀಡಲಾಗಿದೆ. ಕೆಲವರು ಉದ್ದೇಶಪೂರ್ವಕವಾಗಿ ಗೊಂದಲ ಸೃಷ್ಟಿಸುತ್ತಿದ್ದಾರೆ. ಕಮಲಾಪುರ ಬಳಿಯ ಹಂಪಿ ಕನ್ನಡ ವಿಶ್ವವಿದ್ಯಾಲಯದಲ್ಲಿ ನಡೆಯಲಿರುವ ಸಮ್ಮೇಳನಕ್ಕೆ ಎಲ್ಲರೂ ಸಹಕಾರ ನೀಡಬೇಕು. ಈ ಸಂದರ್ಭದಲ್ಲಿ ಜಿಲ್ಲಾ ಕಸಾಪ ಅಧ್ಯಕ್ಷರು ಹಾಗೂ ಪದಾಧಿಕಾರಿಗಳು ಉಪಸ್ಥಿತರಿದ್ದರು.
ಕೈಗಾರಿಕಾ ನಿವೇಶನಗಳ ಹಂಚಿಕೆಗಾಗಿ ಬೇಡಿಕೆ: ಉದ್ದಿಮೆದಾರರಿಂದ ಅರ್ಜಿ ಆಹ್ವಾನ
ಬಳ್ಳಾರಿ: ಕರ್ನಾಟಕ ಕೈಗಾರಿಕಾ ಪ್ರದೇಶಾಭಿವೃದ್ಧಿ ಮಂಡಳಿ ವತಿಯಿಂದ ಸಂಡೂರು ತಾಲೂಕಿನ ಕೂಡ್ಲಿ ಗ್ರಾಮದಲ್ಲಿ ಕೈಗಾರಿಕಾ ಪ್ರದೇಶವನ್ನು ಅಭಿವೃದ್ಧಿ ಪಡಿಸಲು (155 ಎಕರೆ) ಉದ್ದೇಶಿಸಿದ್ದು, ಈ ಕೈಗಾರಿಕಾ ಪ್ರದೇಶದಲ್ಲಿ ಜೀನ್ಸ್, ಜವಳಿ ಉದ್ಯಮಗಳಿಗೆ ಕೈಗಾರಿಕೆಗಳನ್ನು ಸ್ಥಾಪಿಸಲು ಆಸಕ್ತಿಯುಳ್ಳ ಉದ್ದಿಮೆದಾರರಿಂದ ನಿವೇಶನ ಹಂಚಿಕೆಗಾಗಿ ಬೇಡಿಕೆ ಕುರಿತು ಅರ್ಜಿ ಆಹ್ವಾನಿಸಲಾಗಿದೆ. ಆಸಕ್ತಿಯುಳ್ಳ ಉದ್ದಿಮೆದಾರರು, ತಮ್ಮ ಅರ್ಜಿಯನ್ನು ಜುಲೈ 11
ರೊಳಗಾಗಿ ಇ-ಮೇಲ್ ಮೂಲಕ ಅಥವಾ ಕರ್ನಾಟಕ ಕೈಗಾರಿಕಾ ಪ್ರದೇಶಾಭಿವೃದ್ಧಿ ಮಂಡಳಿ, ಬಳ್ಳಾರಿ ಅಥವಾ ಉಪ ನಿರ್ದೇಶಕರು, ಜಿಲ್ಲಾ ಕೈಗಾರಿಕಾ ಕೇಂದ್ರ ಕೈಗಾರಿಕಾ ಪ್ರದೇಶ ಬಳ್ಳಾರಿ, ಬಳ್ಳಾರಿ ಜಿಲ್ಲಾ ಕೈಗಾರಿಕಾ ಕೇಂದ್ರ, ಬಳ್ಳಾರಿ. ಈ ಕಚೇರಿಗಳ ವಿಳಾಸಕ್ಕೆ ಸಲ್ಲಿಸಬಹುದು.
ಇ-ಮೇಲ್ ವಿಳಾಸ:
doballari@kiadb.in, ddhtbellari@gmail.com
jddicbellary@gmail.com
OWNER , PUBLISHER & PRINTER K. M. REKHA PUBLISHED AT HOSPET TIMES, APOORVA OFFSET PRINTERS , SACHIDANAND LANE , MAIN BAZAR , HOSAPETE , BALLARI & PRINTED AT APOORVA OFFSET PRINTERS ,
SACHIDANAND LANE , MAIN BAZAR , HOSAPETE , BALLARI , EDITOR K. M. REKHA. EMAIL : hospettimes@gmail.com, Mob No 94484 41484.
